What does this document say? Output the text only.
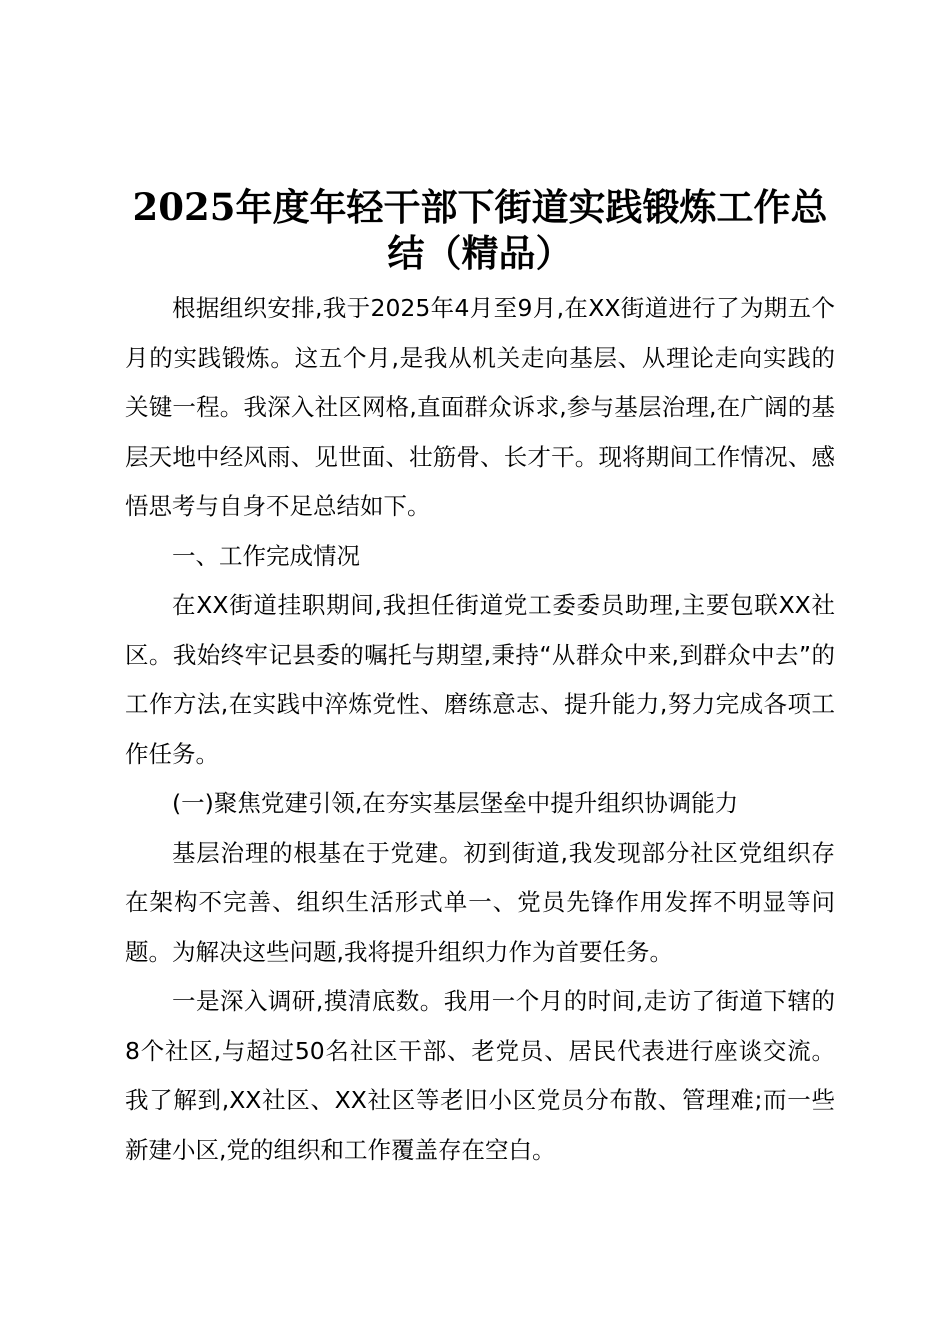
2025年度年轻干部下街道实践锻炼工作总结（精品）

根据组织安排,我于2025年4月至9月,在XX街道进行了为期五个月的实践锻炼。这五个月,是我从机关走向基层、从理论走向实践的关键一程。我深入社区网格,直面群众诉求,参与基层治理,在广阔的基层天地中经风雨、见世面、壮筋骨、长才干。现将期间工作情况、感悟思考与自身不足总结如下。

一、工作完成情况

在XX街道挂职期间,我担任街道党工委委员助理,主要包联XX社区。我始终牢记县委的嘱托与期望,秉持“从群众中来,到群众中去”的工作方法,在实践中淬炼党性、磨练意志、提升能力,努力完成各项工作任务。

(一)聚焦党建引领,在夯实基层堡垒中提升组织协调能力

基层治理的根基在于党建。初到街道,我发现部分社区党组织存在架构不完善、组织生活形式单一、党员先锋作用发挥不明显等问题。为解决这些问题,我将提升组织力作为首要任务。

一是深入调研,摸清底数。我用一个月的时间,走访了街道下辖的8个社区,与超过50名社区干部、老党员、居民代表进行座谈交流。我了解到,XX社区、XX社区等老旧小区党员分布散、管理难;而一些新建小区,党的组织和工作覆盖存在空白。
